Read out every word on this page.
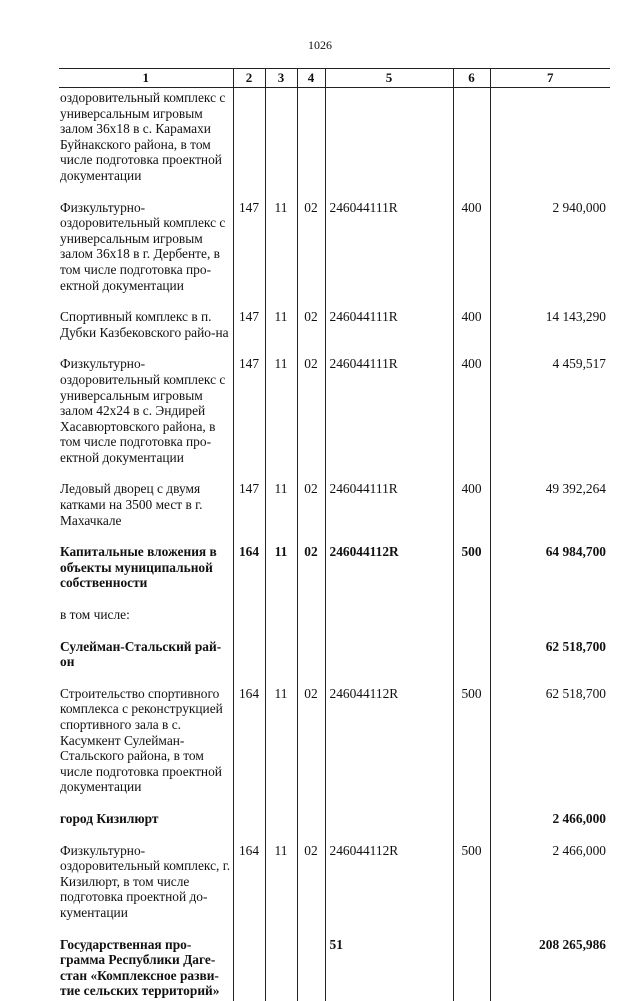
1026
1	2	3	4	5	6	7
оздоровительный комплекс с универсальным игровым залом 36х18 в с. Карамахи Буйнакского района, в том числе подготовка проектной документации						
Физкультурно-оздоровительный комплекс с универсальным игровым залом 36х18 в г. Дербенте, в том числе подготовка про-ектной документации	147	11	02	246044111R	400	2 940,000
Спортивный комплекс в п. Дубки Казбековского райо-на	147	11	02	246044111R	400	14 143,290
Физкультурно-оздоровительный комплекс с универсальным игровым залом 42х24 в с. Эндирей Хасавюртовского района, в том числе подготовка про-ектной документации	147	11	02	246044111R	400	4 459,517
Ледовый дворец с двумя катками на 3500 мест в г. Махачкале	147	11	02	246044111R	400	49 392,264
Капитальные вложения в объекты муниципальной собственности	164	11	02	246044112R	500	64 984,700
в том числе:						
Сулейман-Стальский рай-он						62 518,700
Строительство спортивного комплекса с реконструкцией спортивного зала в с. Касумкент Сулейман-Стальского района, в том числе подготовка проектной документации	164	11	02	246044112R	500	62 518,700
город Кизилюрт						2 466,000
Физкультурно-оздоровительный комплекс, г. Кизилюрт, в том числе подготовка проектной до-кументации	164	11	02	246044112R	500	2 466,000
Государственная про-грамма Республики Даге-стан «Комплексное разви-тие сельских территорий»				51		208 265,986
